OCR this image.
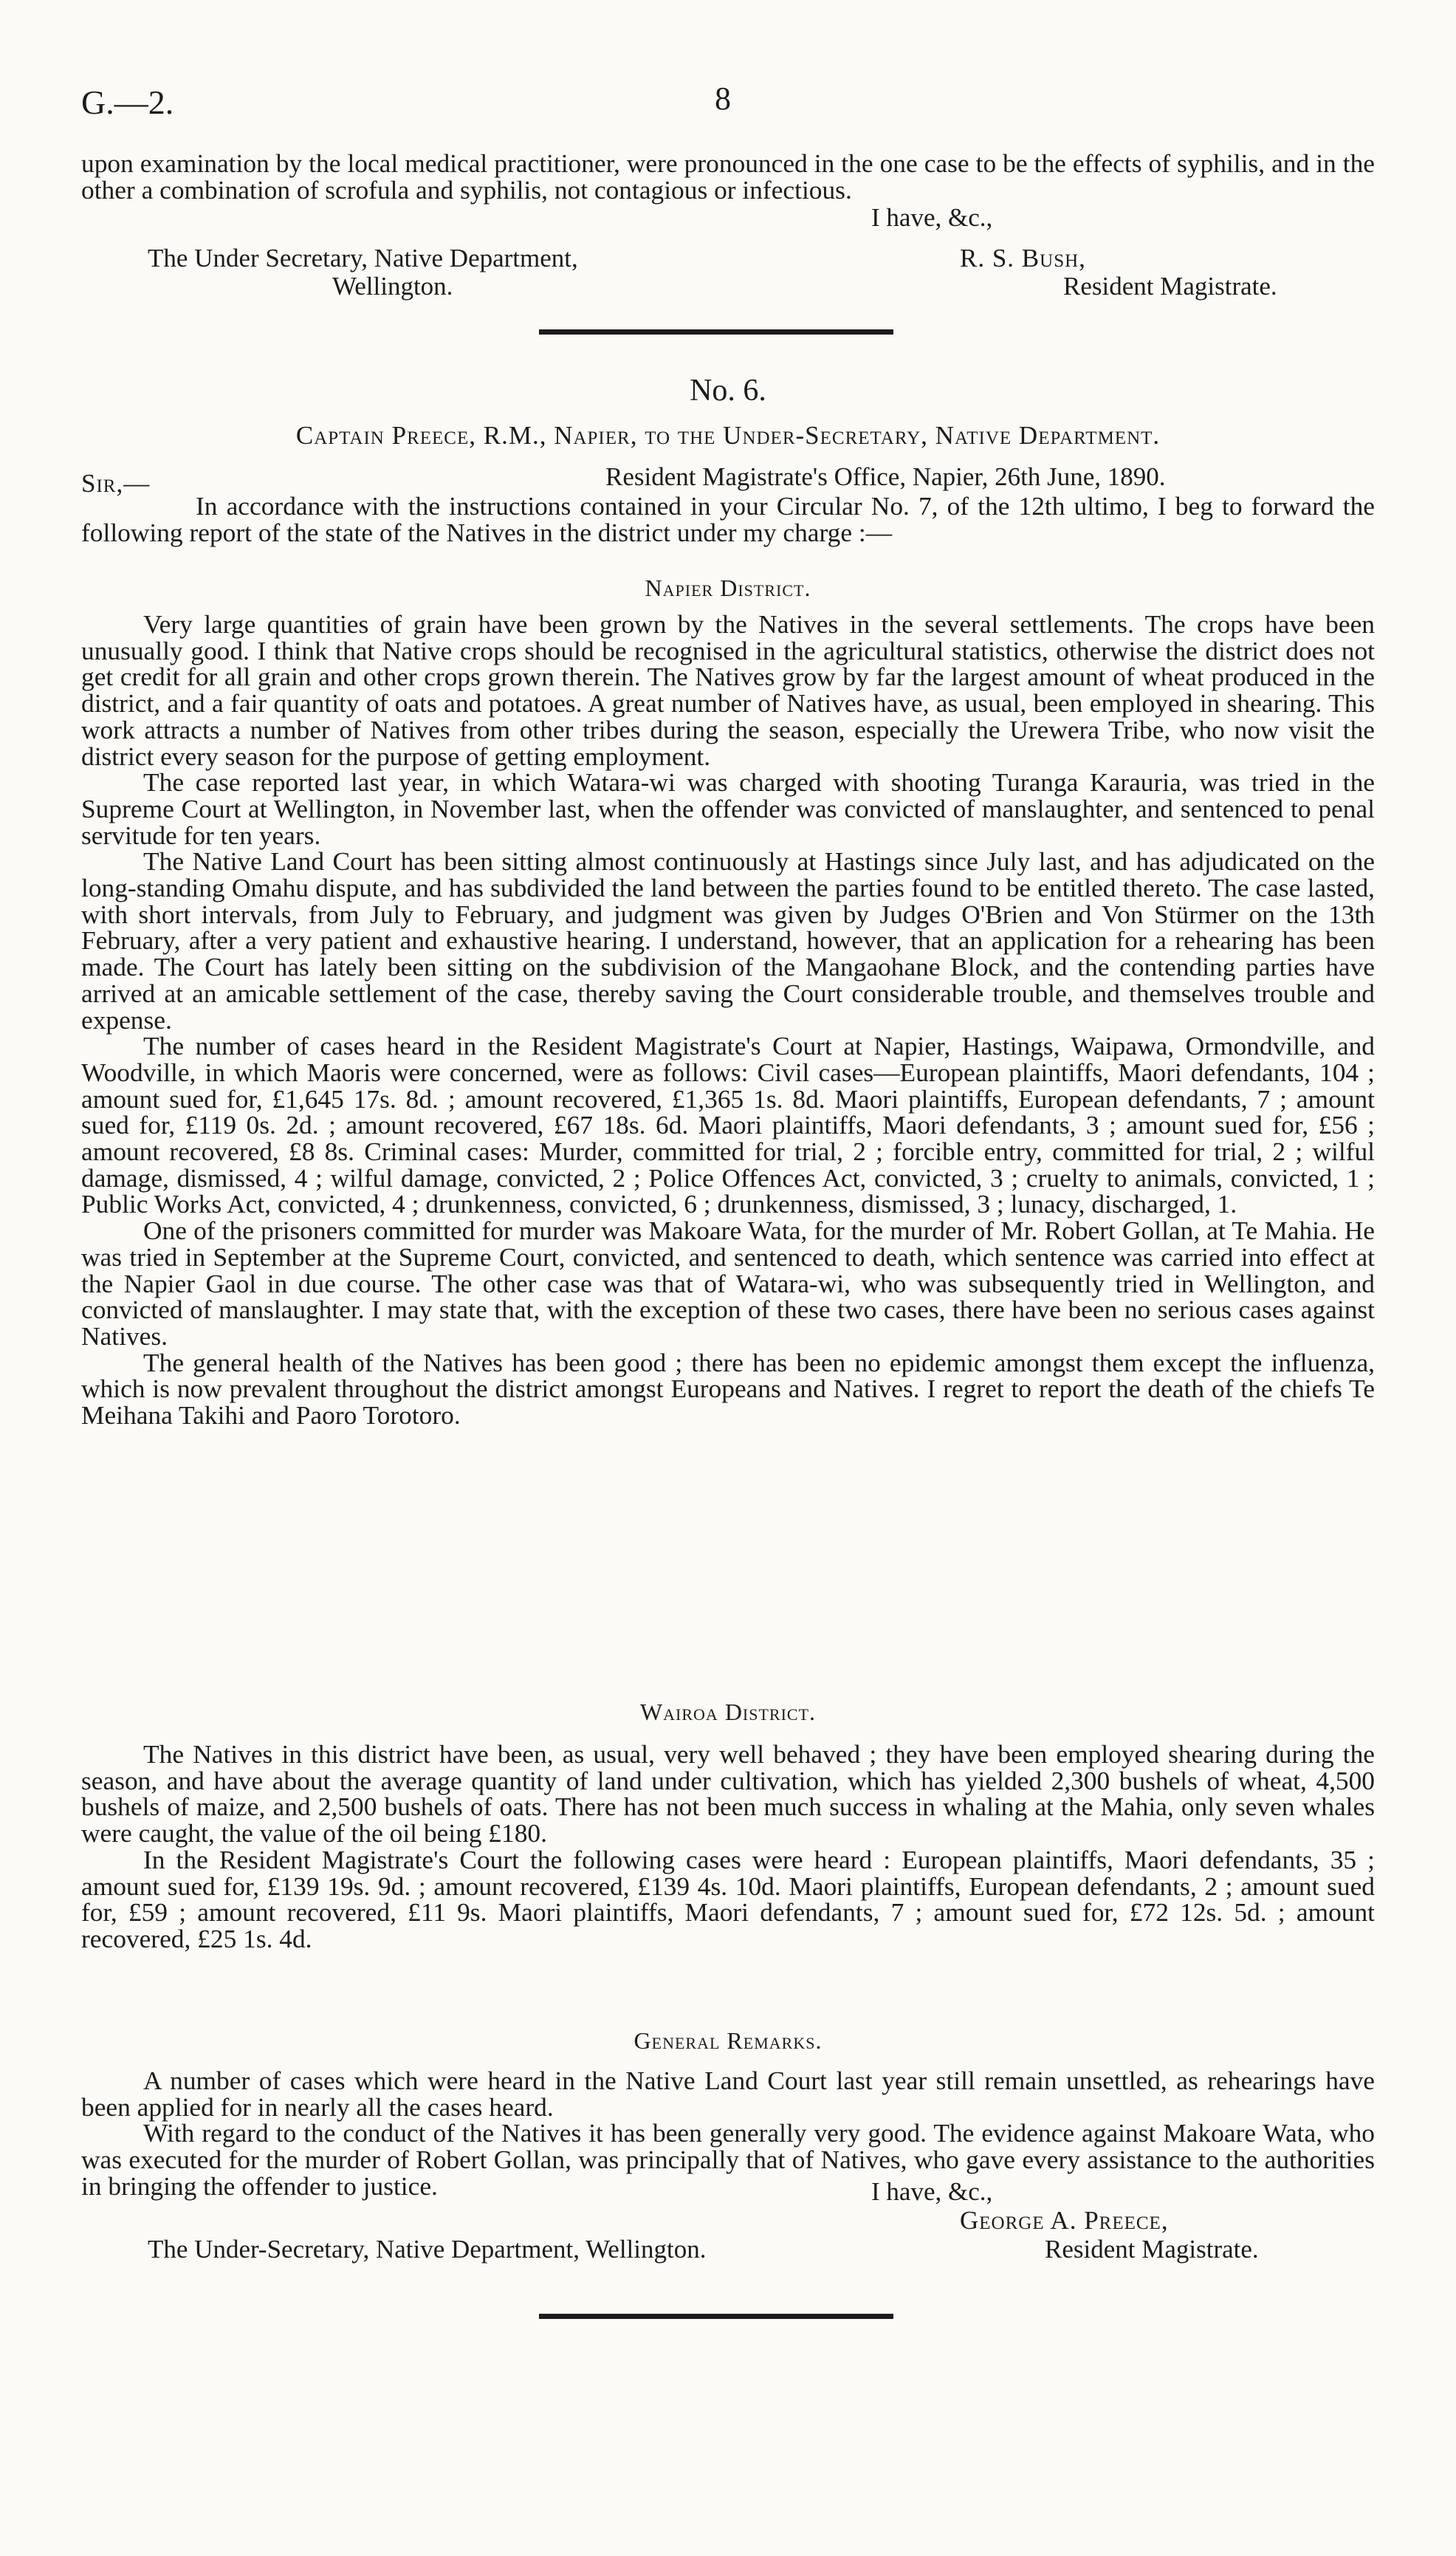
G.—2.	8

upon examination by the local medical practitioner, were pronounced in the one case to be the effects of syphilis, and in the other a combination of scrofula and syphilis, not contagious or infectious.

I have, &c.,
The Under Secretary, Native Department,
Wellington.
R. S. Bush,
Resident Magistrate.
No. 6.
Captain Preece, R.M., Napier, to the Under-Secretary, Native Department.
Sir,—	Resident Magistrate's Office, Napier, 26th June, 1890.

In accordance with the instructions contained in your Circular No. 7, of the 12th ultimo, I beg to forward the following report of the state of the Natives in the district under my charge :—

Napier District.

Very large quantities of grain have been grown by the Natives in the several settlements. The crops have been unusually good. I think that Native crops should be recognised in the agricultural statistics, otherwise the district does not get credit for all grain and other crops grown therein. The Natives grow by far the largest amount of wheat produced in the district, and a fair quantity of oats and potatoes. A great number of Natives have, as usual, been employed in shearing. This work attracts a number of Natives from other tribes during the season, especially the Urewera Tribe, who now visit the district every season for the purpose of getting employment.

The case reported last year, in which Watara-wi was charged with shooting Turanga Karauria, was tried in the Supreme Court at Wellington, in November last, when the offender was convicted of manslaughter, and sentenced to penal servitude for ten years.

The Native Land Court has been sitting almost continuously at Hastings since July last, and has adjudicated on the long-standing Omahu dispute, and has subdivided the land between the parties found to be entitled thereto. The case lasted, with short intervals, from July to February, and judgment was given by Judges O'Brien and Von Stürmer on the 13th February, after a very patient and exhaustive hearing. I understand, however, that an application for a rehearing has been made. The Court has lately been sitting on the subdivision of the Mangaohane Block, and the contending parties have arrived at an amicable settlement of the case, thereby saving the Court considerable trouble, and themselves trouble and expense.

The number of cases heard in the Resident Magistrate's Court at Napier, Hastings, Waipawa, Ormondville, and Woodville, in which Maoris were concerned, were as follows: Civil cases—European plaintiffs, Maori defendants, 104 ; amount sued for, £1,645 17s. 8d. ; amount recovered, £1,365 1s. 8d. Maori plaintiffs, European defendants, 7 ; amount sued for, £119 0s. 2d. ; amount recovered, £67 18s. 6d. Maori plaintiffs, Maori defendants, 3 ; amount sued for, £56 ; amount recovered, £8 8s. Criminal cases: Murder, committed for trial, 2 ; forcible entry, committed for trial, 2 ; wilful damage, dismissed, 4 ; wilful damage, convicted, 2 ; Police Offences Act, convicted, 3 ; cruelty to animals, convicted, 1 ; Public Works Act, convicted, 4 ; drunkenness, convicted, 6 ; drunkenness, dismissed, 3 ; lunacy, discharged, 1.

One of the prisoners committed for murder was Makoare Wata, for the murder of Mr. Robert Gollan, at Te Mahia. He was tried in September at the Supreme Court, convicted, and sentenced to death, which sentence was carried into effect at the Napier Gaol in due course. The other case was that of Watara-wi, who was subsequently tried in Wellington, and convicted of manslaughter. I may state that, with the exception of these two cases, there have been no serious cases against Natives.

The general health of the Natives has been good ; there has been no epidemic amongst them except the influenza, which is now prevalent throughout the district amongst Europeans and Natives. I regret to report the death of the chiefs Te Meihana Takihi and Paoro Torotoro.

Wairoa District.

The Natives in this district have been, as usual, very well behaved ; they have been employed shearing during the season, and have about the average quantity of land under cultivation, which has yielded 2,300 bushels of wheat, 4,500 bushels of maize, and 2,500 bushels of oats. There has not been much success in whaling at the Mahia, only seven whales were caught, the value of the oil being £180.

In the Resident Magistrate's Court the following cases were heard : European plaintiffs, Maori defendants, 35 ; amount sued for, £139 19s. 9d. ; amount recovered, £139 4s. 10d. Maori plaintiffs, European defendants, 2 ; amount sued for, £59 ; amount recovered, £11 9s. Maori plaintiffs, Maori defendants, 7 ; amount sued for, £72 12s. 5d. ; amount recovered, £25 1s. 4d.

General Remarks.

A number of cases which were heard in the Native Land Court last year still remain unsettled, as rehearings have been applied for in nearly all the cases heard.

With regard to the conduct of the Natives it has been generally very good. The evidence against Makoare Wata, who was executed for the murder of Robert Gollan, was principally that of Natives, who gave every assistance to the authorities in bringing the offender to justice.	I have, &c.,
George A. Preece,
The Under-Secretary, Native Department, Wellington.	Resident Magistrate.
